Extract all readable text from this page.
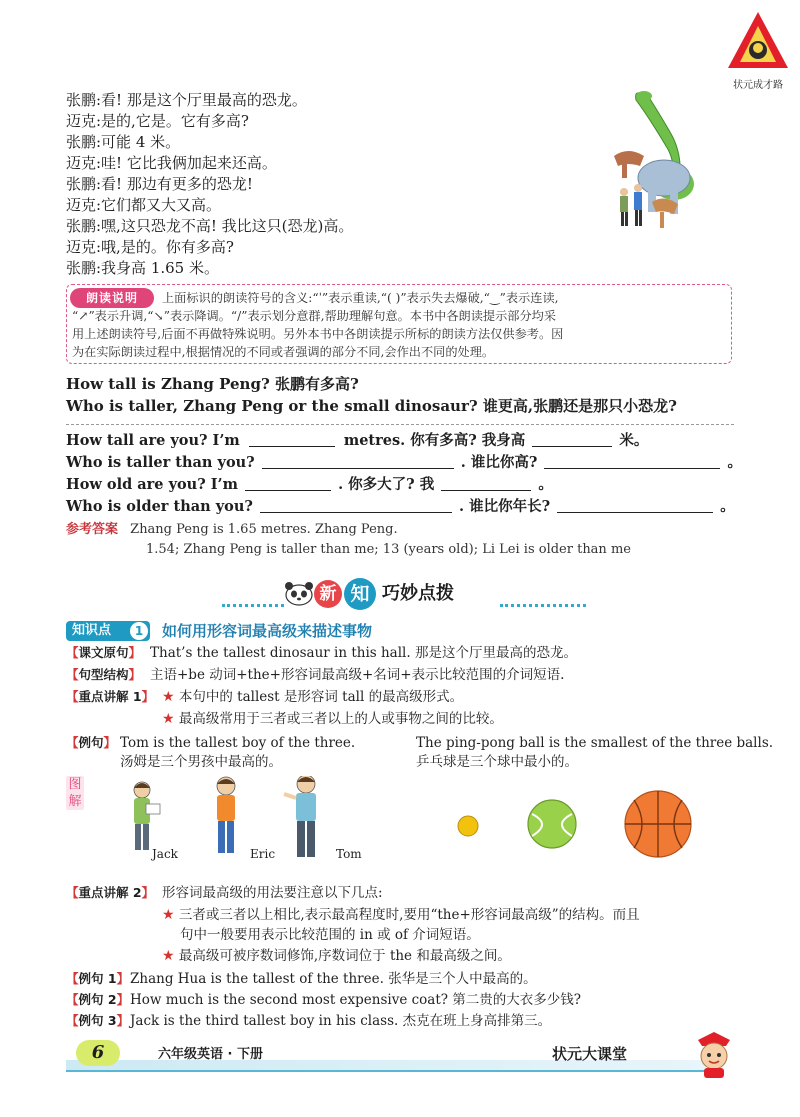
状元成才路
张鹏:看! 那是这个厅里最高的恐龙。
迈克:是的,它是。它有多高?
张鹏:可能 4 米。
迈克:哇! 它比我俩加起来还高。
张鹏:看! 那边有更多的恐龙!
迈克:它们都又大又高。
张鹏:嘿,这只恐龙不高! 我比这只(恐龙)高。
迈克:哦,是的。你有多高?
张鹏:我身高 1.65 米。
朗读说明	上面标识的朗读符号的含义:“ˈ”表示重读,“( )”表示失去爆破,“‿”表示连读,
“↗”表示升调,“↘”表示降调。“/”表示划分意群,帮助理解句意。本书中各朗读提示部分均采
用上述朗读符号,后面不再做特殊说明。另外本书中各朗读提示所标的朗读方法仅供参考。因
为在实际朗读过程中,根据情况的不同或者强调的部分不同,会作出不同的处理。
How tall is Zhang Peng? 张鹏有多高?
Who is taller, Zhang Peng or the small dinosaur? 谁更高,张鹏还是那只小恐龙?
How tall are you? I’m	metres. 你有多高? 我身高	米。
Who is taller than you?	. 谁比你高?	。
How old are you? I’m	. 你多大了? 我	。
Who is older than you?	. 谁比你年长?	。
参考答案 Zhang Peng is 1.65 metres. Zhang Peng.
1.54; Zhang Peng is taller than me; 13 (years old); Li Lei is older than me
新 知 巧妙点拨
知识点	1	如何用形容词最高级来描述事物
【课文原句】 That’s the tallest dinosaur in this hall. 那是这个厅里最高的恐龙。
【句型结构】 主语+be 动词+the+形容词最高级+名词+表示比较范围的介词短语.
【重点讲解 1】 ★ 本句中的 tallest 是形容词 tall 的最高级形式。
★ 最高级常用于三者或三者以上的人或事物之间的比较。
【例句】 Tom is the tallest boy of the three.
汤姆是三个男孩中最高的。
The ping-pong ball is the smallest of the three balls.
乒乓球是三个球中最小的。
图解
Jack	Eric	Tom
【重点讲解 2】 形容词最高级的用法要注意以下几点:
★ 三者或三者以上相比,表示最高程度时,要用“the+形容词最高级”的结构。而且
句中一般要用表示比较范围的 in 或 of 介词短语。
★ 最高级可被序数词修饰,序数词位于 the 和最高级之间。
【例句 1】 Zhang Hua is the tallest of the three. 张华是三个人中最高的。
【例句 2】 How much is the second most expensive coat? 第二贵的大衣多少钱?
【例句 3】 Jack is the third tallest boy in his class. 杰克在班上身高排第三。
6	六年级英语 · 下册	状元大课堂
